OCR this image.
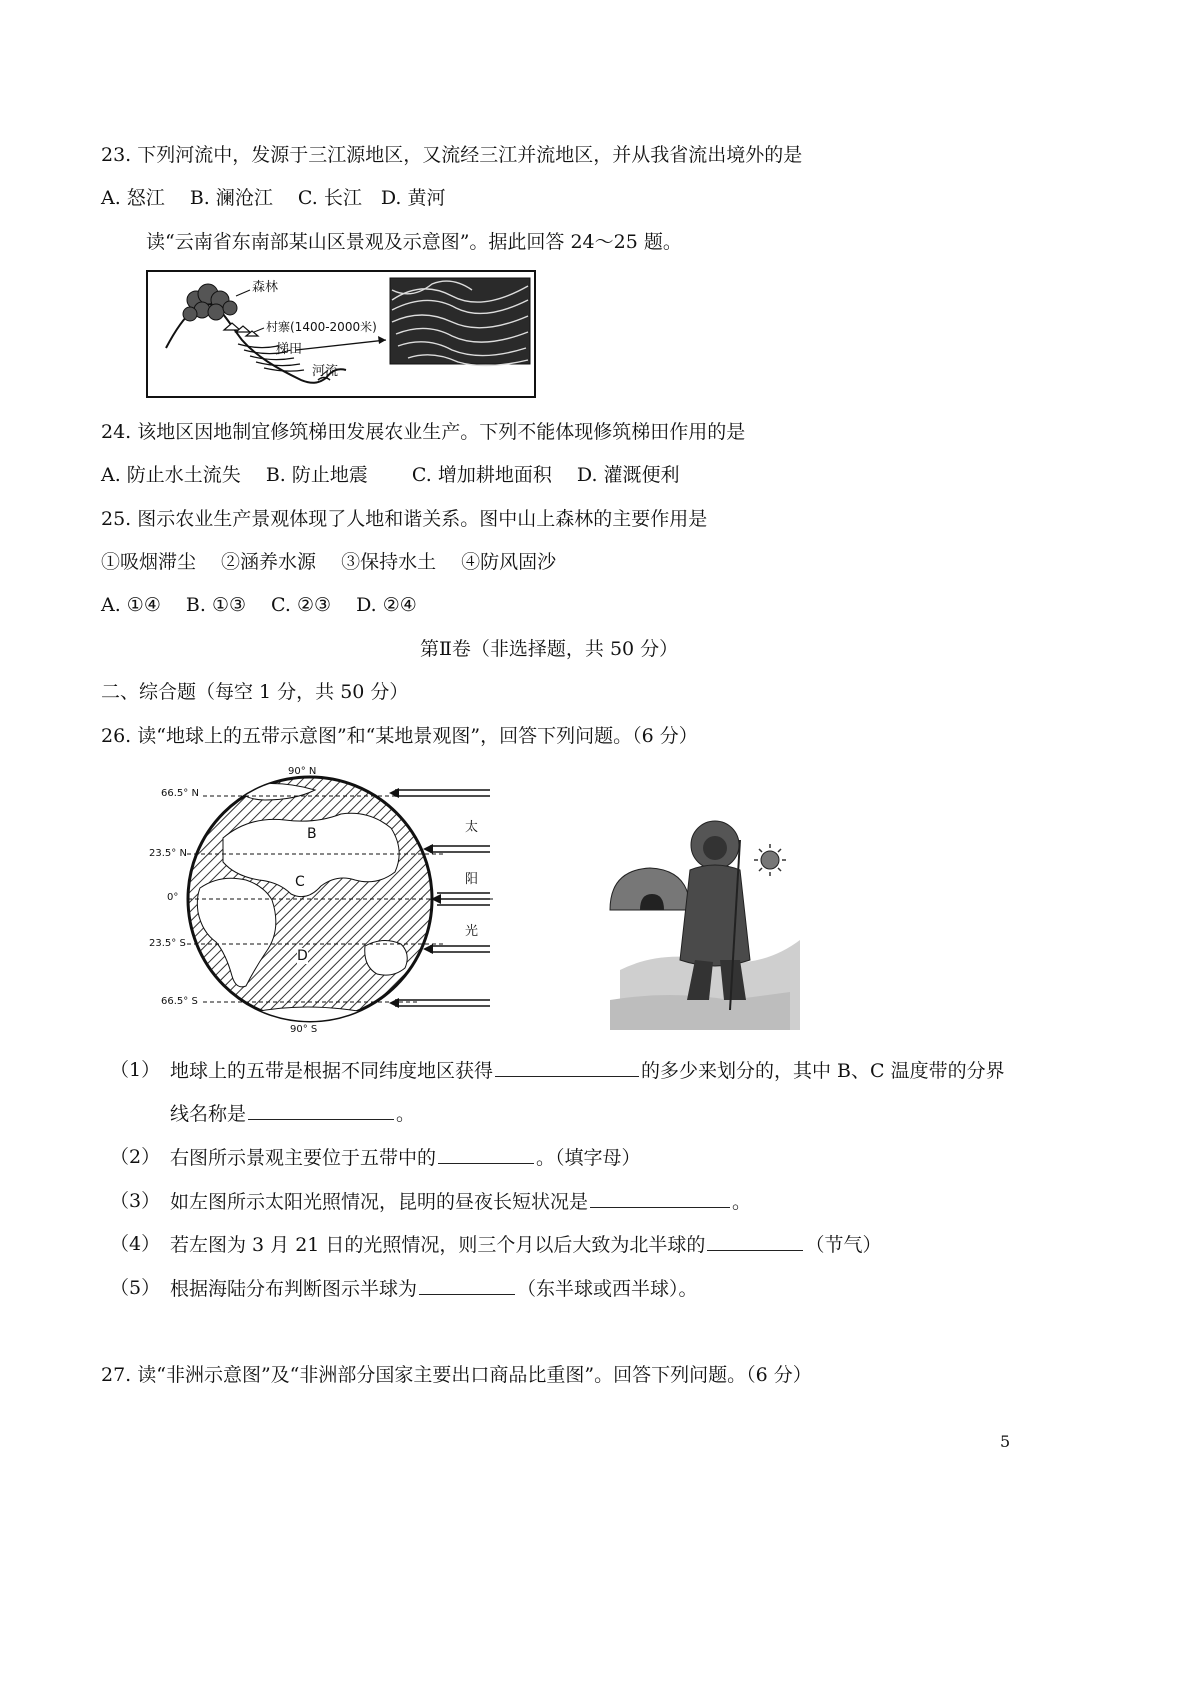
23. 下列河流中，发源于三江源地区，又流经三江并流地区，并从我省流出境外的是
A. 怒江　 B. 澜沧江　 C. 长江　D. 黄河
读“云南省东南部某山区景观及示意图”。据此回答 24～25 题。
森林
村寨(1400-2000米)
梯田
河流
24. 该地区因地制宜修筑梯田发展农业生产。下列不能体现修筑梯田作用的是
A. 防止水土流失　 B. 防止地震　　 C. 增加耕地面积　 D. 灌溉便利
25. 图示农业生产景观体现了人地和谐关系。图中山上森林的主要作用是
①吸烟滞尘　 ②涵养水源　 ③保持水土　 ④防风固沙
A. ①④　 B. ①③　 C. ②③　 D. ②④
第Ⅱ卷（非选择题，共 50 分）
二、综合题（每空 1 分，共 50 分）
26. 读“地球上的五带示意图”和“某地景观图”，回答下列问题。（6 分）
90° N
66.5° N
23.5° N
0°
23.5° S
66.5° S
90° S
太
阳
光
B
C
D
（1） 地球上的五带是根据不同纬度地区获得	的多少来划分的，其中 B、C 温度带的分界
线名称是	。
（2） 右图所示景观主要位于五带中的	。（填字母）
（3） 如左图所示太阳光照情况，昆明的昼夜长短状况是	。
（4） 若左图为 3 月 21 日的光照情况，则三个月以后大致为北半球的	（节气）
（5） 根据海陆分布判断图示半球为	（东半球或西半球）。
27. 读“非洲示意图”及“非洲部分国家主要出口商品比重图”。回答下列问题。（6 分）
5
